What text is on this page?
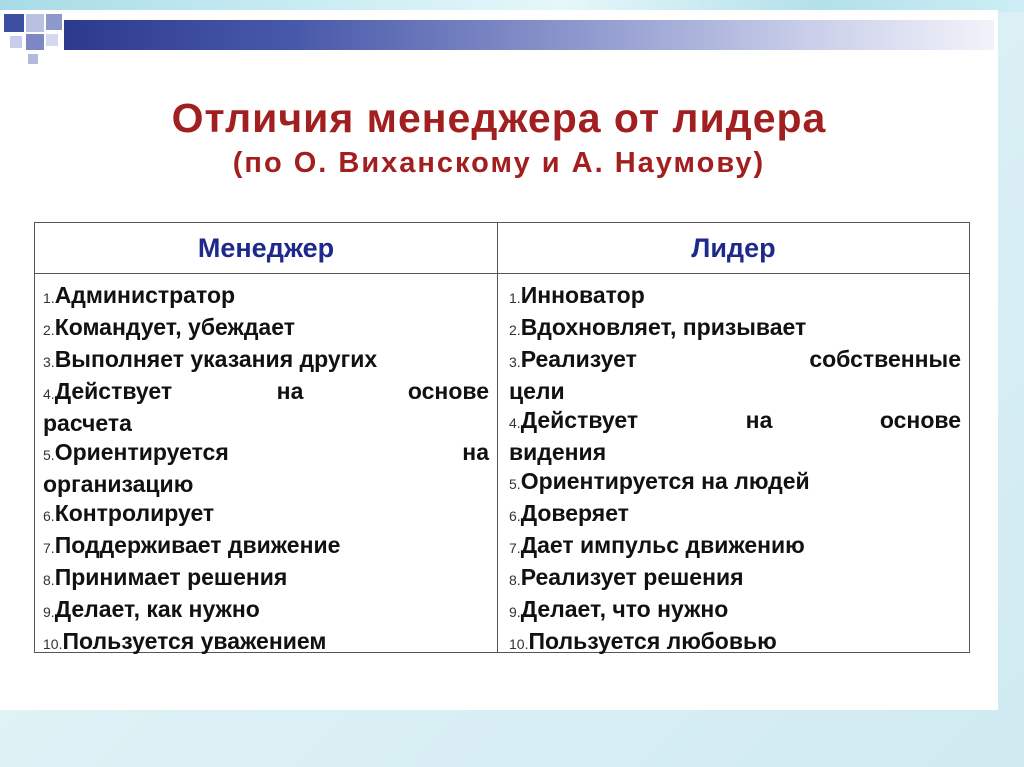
Отличия менеджера от лидера
(по О. Виханскому и А. Наумову)
Менеджер	Лидер

1.Администратор

2.Командует, убеждает

3.Выполняет указания других

4.Действует на основе

расчета

5.Ориентируется на

организацию

6.Контролирует

7.Поддерживает движение

8.Принимает решения

9.Делает, как нужно

10.Пользуется уважением

1.Инноватор

2.Вдохновляет, призывает

3.Реализует собственные

цели

4.Действует на основе

видения

5.Ориентируется на людей

6.Доверяет

7.Дает импульс движению

8.Реализует решения

9.Делает, что нужно

10.Пользуется любовью
